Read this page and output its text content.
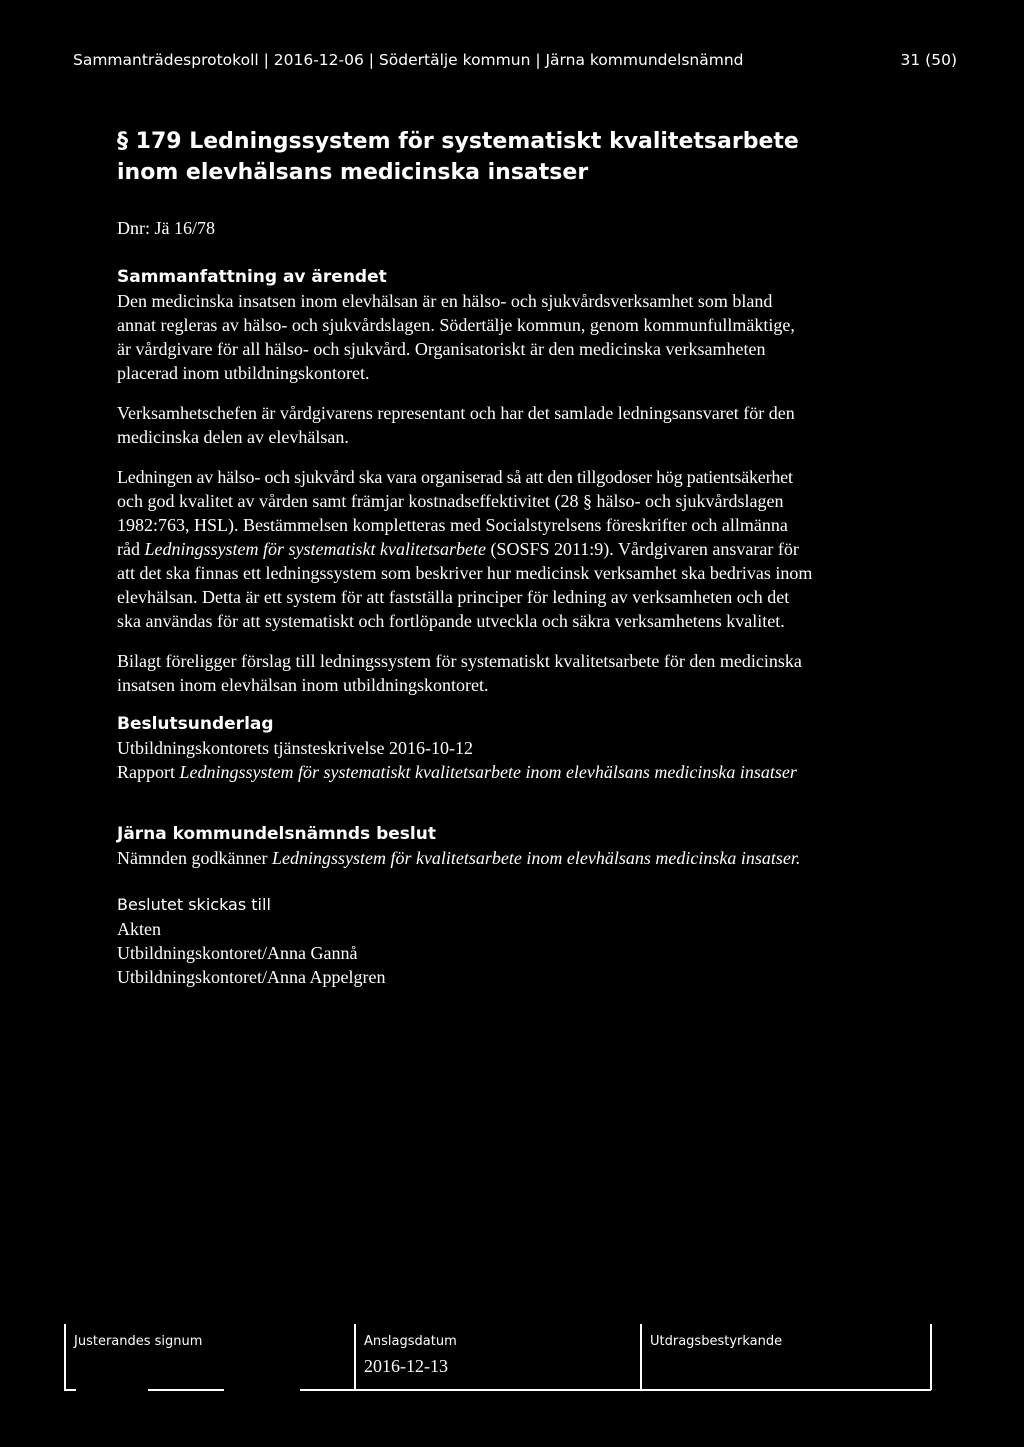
Sammanträdesprotokoll | 2016-12-06 | Södertälje kommun | Järna kommundelsnämnd	31 (50)
§ 179 Ledningssystem för systematiskt kvalitetsarbete
inom elevhälsans medicinska insatser
Dnr: Jä 16/78

Sammanfattning av ärendet

Den medicinska insatsen inom elevhälsan är en hälso- och sjukvårdsverksamhet som bland

annat regleras av hälso- och sjukvårdslagen. Södertälje kommun, genom kommunfullmäktige,

är vårdgivare för all hälso- och sjukvård. Organisatoriskt är den medicinska verksamheten

placerad inom utbildningskontoret.

Verksamhetschefen är vårdgivarens representant och har det samlade ledningsansvaret för den

medicinska delen av elevhälsan.

Ledningen av hälso- och sjukvård ska vara organiserad så att den tillgodoser hög patientsäkerhet

och god kvalitet av vården samt främjar kostnadseffektivitet (28 § hälso- och sjukvårdslagen

1982:763, HSL). Bestämmelsen kompletteras med Socialstyrelsens föreskrifter och allmänna

råd Ledningssystem för systematiskt kvalitetsarbete (SOSFS 2011:9). Vårdgivaren ansvarar för

att det ska finnas ett ledningssystem som beskriver hur medicinsk verksamhet ska bedrivas inom

elevhälsan. Detta är ett system för att fastställa principer för ledning av verksamheten och det

ska användas för att systematiskt och fortlöpande utveckla och säkra verksamhetens kvalitet.

Bilagt föreligger förslag till ledningssystem för systematiskt kvalitetsarbete för den medicinska

insatsen inom elevhälsan inom utbildningskontoret.

Beslutsunderlag

Utbildningskontorets tjänsteskrivelse 2016-10-12

Rapport Ledningssystem för systematiskt kvalitetsarbete inom elevhälsans medicinska insatser

Järna kommundelsnämnds beslut

Nämnden godkänner Ledningssystem för kvalitetsarbete inom elevhälsans medicinska insatser.

Beslutet skickas till

Akten

Utbildningskontoret/Anna Gannå

Utbildningskontoret/Anna Appelgren

Justerandes signum	Anslagsdatum
2016-12-13
Utdragsbestyrkande
